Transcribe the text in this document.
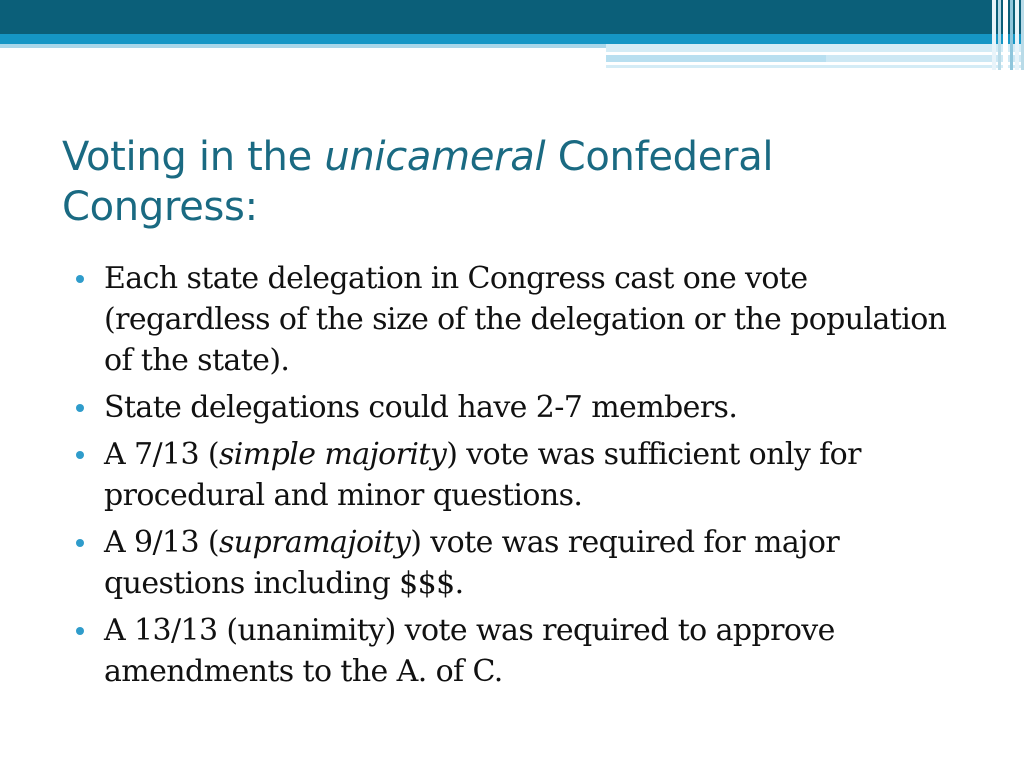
Voting in the unicameral Confederal Congress:
Each state delegation in Congress cast one vote (regardless of the size of the delegation or the population of the state).
State delegations could have 2-7 members.
A 7/13 (simple majority) vote was sufficient only for procedural and minor questions.
A 9/13 (supramajoity) vote was required for major questions including $$$.
A 13/13 (unanimity) vote was required to approve amendments to the A. of C.
